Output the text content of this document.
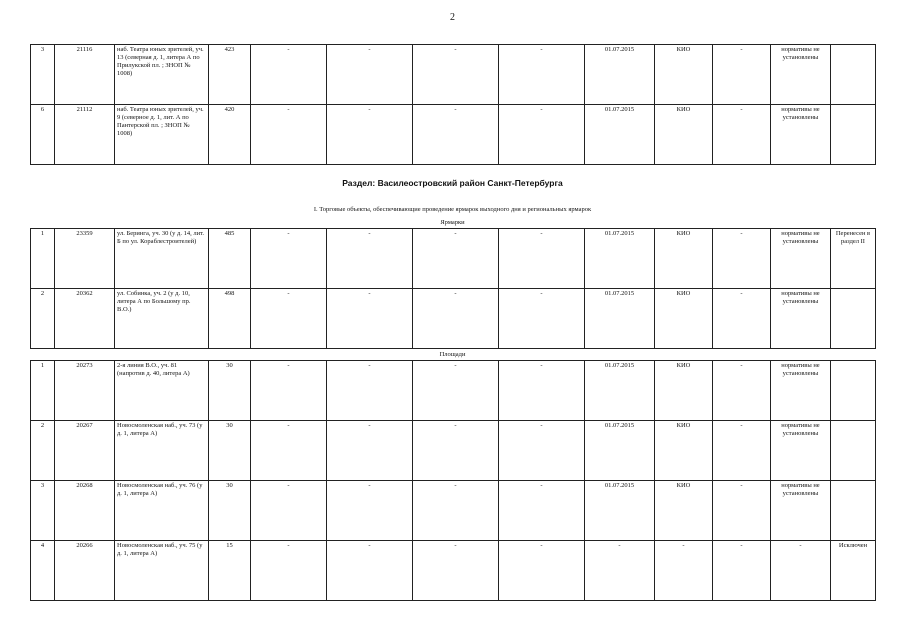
2
3	21116	наб. Театра юных зрителей, уч. 13 (северная д. 1, литера А по Прилукской пл. ; ЗНОП № 1008)	423	-	-	-	-	01.07.2015	КИО	-	нормативы не установлены	
6	21112	наб. Театра юных зрителей, уч. 9 (северное д. 1, лит. А по Пантерской пл. ; ЗНОП № 1008)	420	-	-	-	-	01.07.2015	КИО	-	нормативы не установлены	
Раздел: Василеостровский район Санкт-Петербурга
I. Торговые объекты, обеспечивающие проведение ярмарок выходного дня и региональных ярмарок
Ярмарки
1	23359	ул. Беринга, уч. 30 (у д. 14, лит. Б по ул. Кораблестроителей)	485	-	-	-	-	01.07.2015	КИО	-	нормативы не установлены	Перенесен в раздел II
2	20362	ул. Собинка, уч. 2 (у д. 10, литера А по Большому пр. В.О.)	498	-	-	-	-	01.07.2015	КИО	-	нормативы не установлены	
Площади
1	20273	2-я линия В.О., уч. 81 (напротив д. 40, литера А)	30	-	-	-	-	01.07.2015	КИО	-	нормативы не установлены	
2	20267	Новосмоленская наб., уч. 73 (у д. 1, литера А)	30	-	-	-	-	01.07.2015	КИО	-	нормативы не установлены	
3	20268	Новосмоленская наб., уч. 76 (у д. 1, литера А)	30	-	-	-	-	01.07.2015	КИО	-	нормативы не установлены	
4	20266	Новосмоленская наб., уч. 75 (у д. 1, литера А)	15	-	-	-	-	-	-	-	-	Исключен
